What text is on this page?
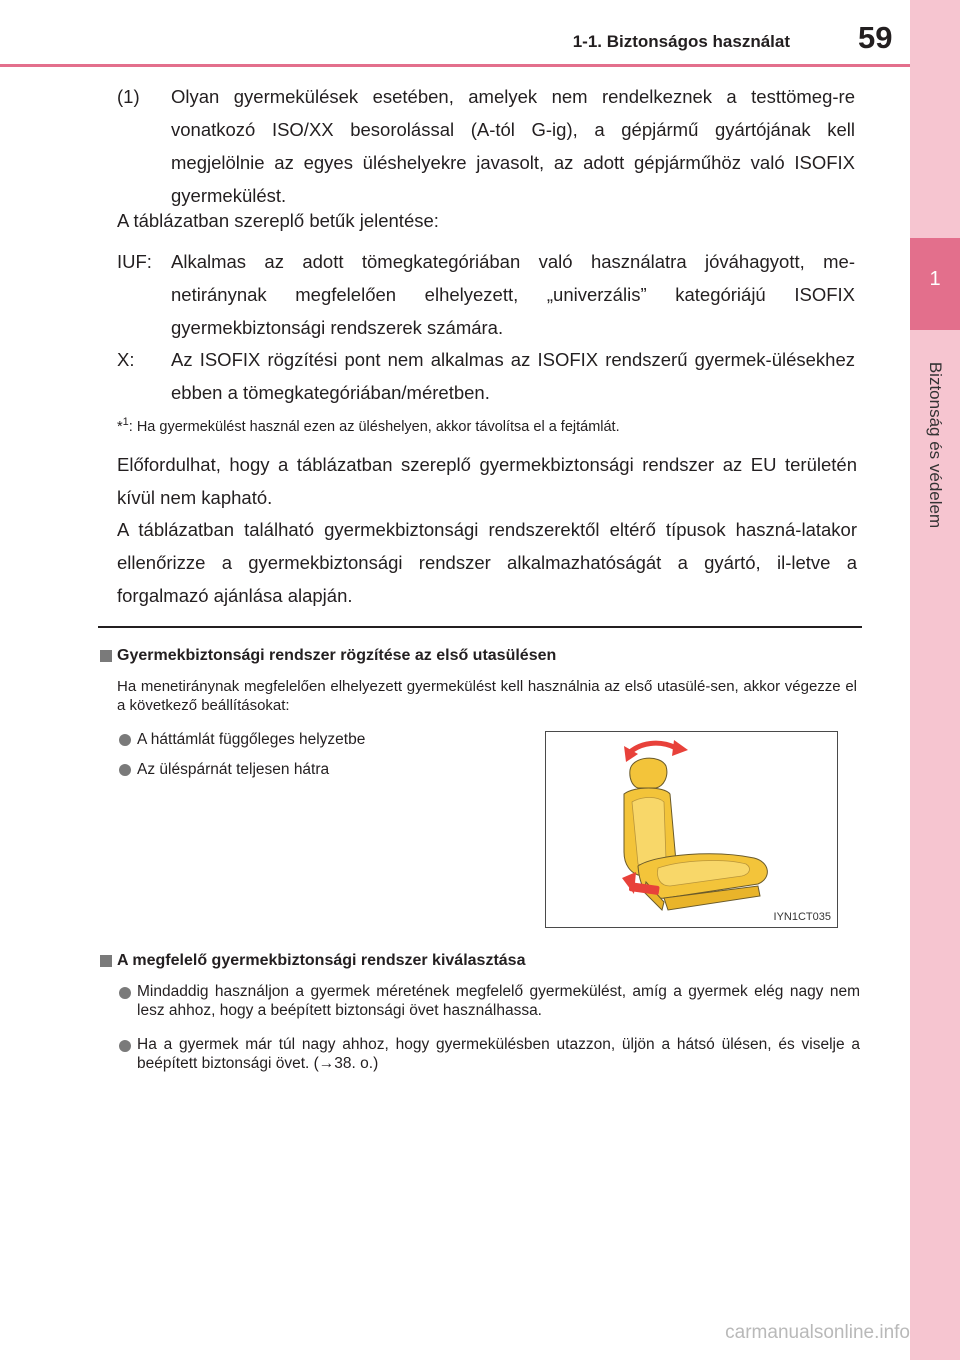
1
Biztonság és védelem
1-1. Biztonságos használat 59
(1) Olyan gyermekülések esetében, amelyek nem rendelkeznek a testtömeg-re vonatkozó ISO/XX besorolással (A-tól G-ig), a gépjármű gyártójának kell megjelölnie az egyes üléshelyekre javasolt, az adott gépjárműhöz való ISOFIX gyermekülést.

A táblázatban szereplő betűk jelentése:

IUF: Alkalmas az adott tömegkategóriában való használatra jóváhagyott, me-netiránynak megfelelően elhelyezett, „univerzális” kategóriájú ISOFIX gyermekbiztonsági rendszerek számára.

X: Az ISOFIX rögzítési pont nem alkalmas az ISOFIX rendszerű gyermek-ülésekhez ebben a tömegkategóriában/méretben.

*$^1$: Ha gyermekülést használ ezen az üléshelyen, akkor távolítsa el a fejtámlát.

Előfordulhat, hogy a táblázatban szereplő gyermekbiztonsági rendszer az EU területén kívül nem kapható.

A táblázatban található gyermekbiztonsági rendszerektől eltérő típusok haszná-latakor ellenőrizze a gyermekbiztonsági rendszer alkalmazhatóságát a gyártó, il-letve a forgalmazó ajánlása alapján.

Gyermekbiztonsági rendszer rögzítése az első utasülésen
Ha menetiránynak megfelelően elhelyezett gyermekülést kell használnia az első utasülé-sen, akkor végezze el a következő beállításokat:
A háttámlát függőleges helyzetbe
Az üléspárnát teljesen hátra
IYN1CT035
A megfelelő gyermekbiztonsági rendszer kiválasztása
Mindaddig használjon a gyermek méretének megfelelő gyermekülést, amíg a gyermek elég nagy nem lesz ahhoz, hogy a beépített biztonsági övet használhassa.
Ha a gyermek már túl nagy ahhoz, hogy gyermekülésben utazzon, üljön a hátsó ülésen, és viselje a beépített biztonsági övet. (→38. o.)
carmanualsonline.info
